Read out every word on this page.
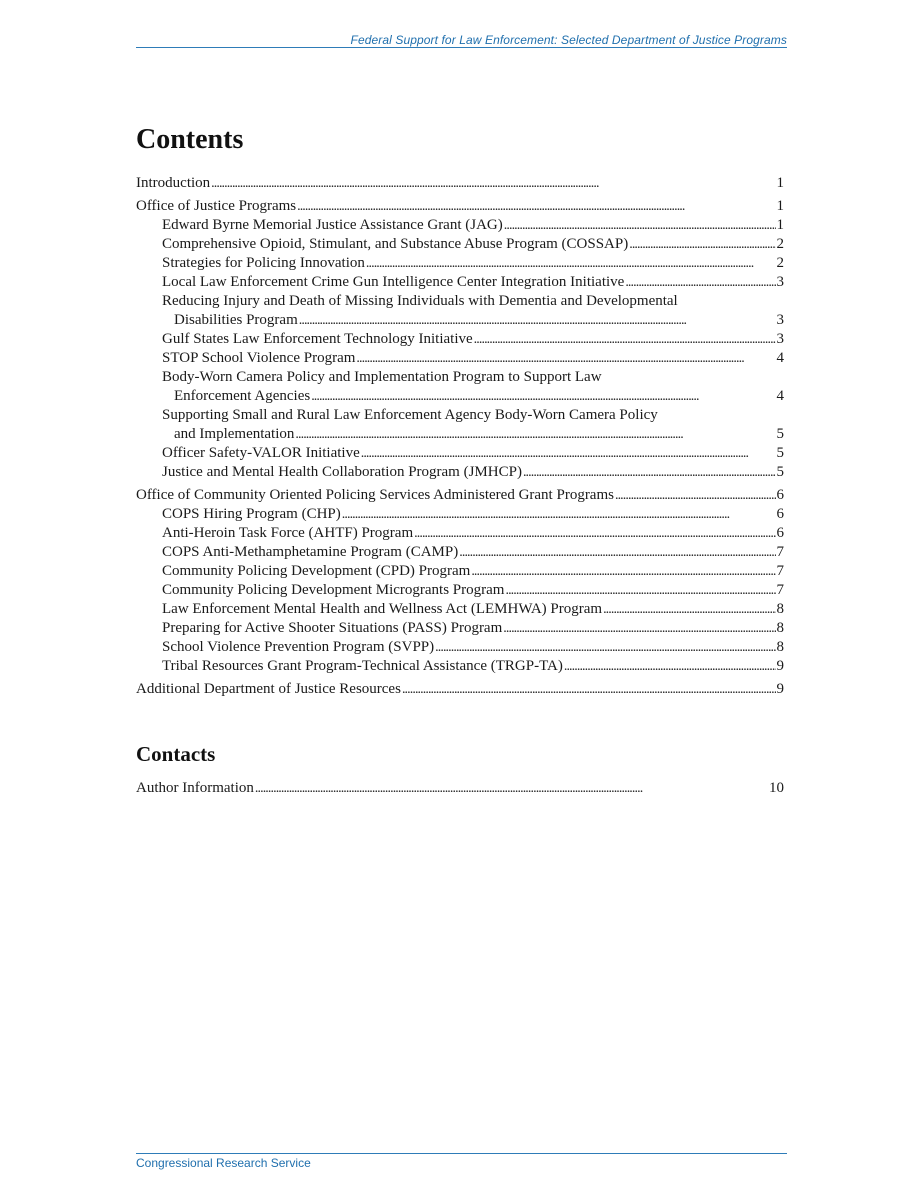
Federal Support for Law Enforcement: Selected Department of Justice Programs
Contents
Introduction . . .	1
Office of Justice Programs . . .	1
Edward Byrne Memorial Justice Assistance Grant (JAG) . . .	1
Comprehensive Opioid, Stimulant, and Substance Abuse Program (COSSAP) . . .	2
Strategies for Policing Innovation . . .	2
Local Law Enforcement Crime Gun Intelligence Center Integration Initiative . . .	3
Reducing Injury and Death of Missing Individuals with Dementia and Developmental
Disabilities Program . . .	3
Gulf States Law Enforcement Technology Initiative . . .	3
STOP School Violence Program . . .	4
Body-Worn Camera Policy and Implementation Program to Support Law
Enforcement Agencies . . .	4
Supporting Small and Rural Law Enforcement Agency Body-Worn Camera Policy
and Implementation . . .	5
Officer Safety-VALOR Initiative . . .	5
Justice and Mental Health Collaboration Program (JMHCP) . . .	5
Office of Community Oriented Policing Services Administered Grant Programs . . .	6
COPS Hiring Program (CHP) . . .	6
Anti-Heroin Task Force (AHTF) Program . . .	6
COPS Anti-Methamphetamine Program (CAMP) . . .	7
Community Policing Development (CPD) Program . . .	7
Community Policing Development Microgrants Program . . .	7
Law Enforcement Mental Health and Wellness Act (LEMHWA) Program . . .	8
Preparing for Active Shooter Situations (PASS) Program . . .	8
School Violence Prevention Program (SVPP) . . .	8
Tribal Resources Grant Program-Technical Assistance (TRGP-TA) . . .	9
Additional Department of Justice Resources . . .	9
Contacts
Author Information . . .	10
Congressional Research Service
